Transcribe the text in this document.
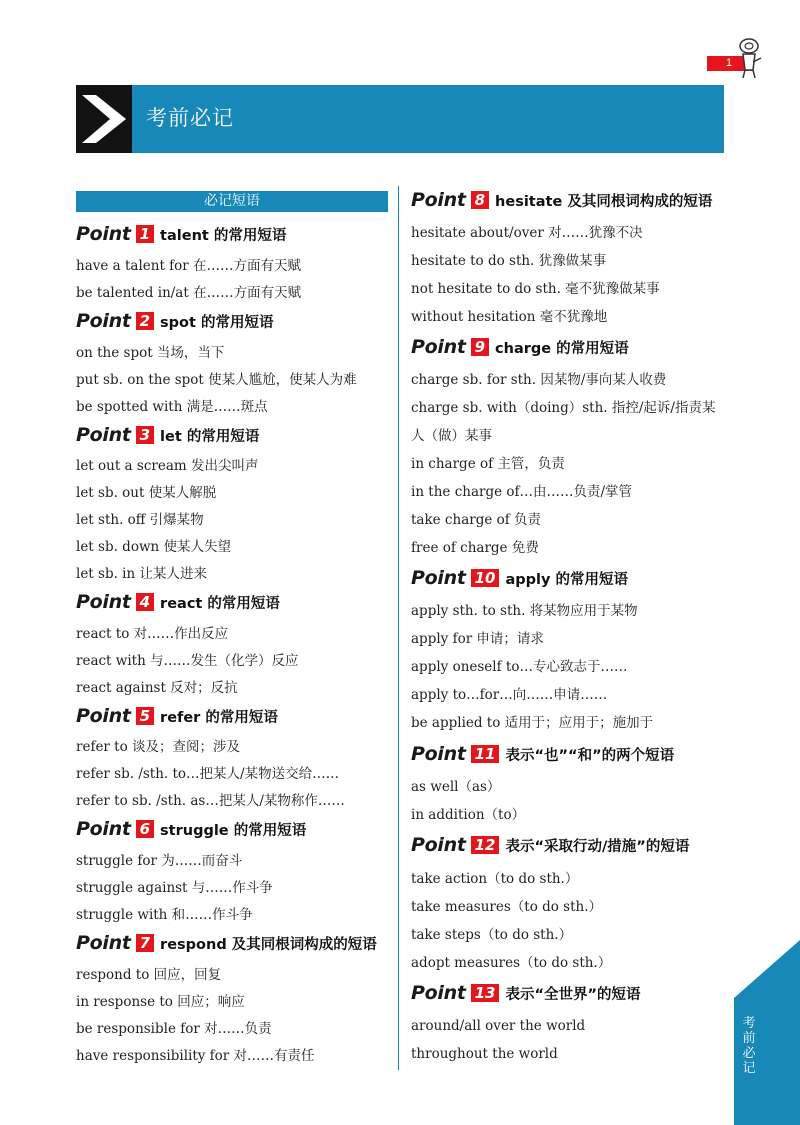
1
考前必记
必记短语
Point 1 talent 的常用短语
have a talent for 在……方面有天赋
be talented in/at 在……方面有天赋
Point 2 spot 的常用短语
on the spot 当场，当下
put sb. on the spot 使某人尴尬，使某人为难
be spotted with 满是……斑点
Point 3 let 的常用短语
let out a scream 发出尖叫声
let sb. out 使某人解脱
let sth. off 引爆某物
let sb. down 使某人失望
let sb. in 让某人进来
Point 4 react 的常用短语
react to 对……作出反应
react with 与……发生（化学）反应
react against 反对；反抗
Point 5 refer 的常用短语
refer to 谈及；查阅；涉及
refer sb. /sth. to…把某人/某物送交给……
refer to sb. /sth. as…把某人/某物称作……
Point 6 struggle 的常用短语
struggle for 为……而奋斗
struggle against 与……作斗争
struggle with 和……作斗争
Point 7 respond 及其同根词构成的短语
respond to 回应，回复
in response to 回应；响应
be responsible for 对……负责
have responsibility for 对……有责任
Point 8 hesitate 及其同根词构成的短语
hesitate about/over 对……犹豫不决
hesitate to do sth. 犹豫做某事
not hesitate to do sth. 毫不犹豫做某事
without hesitation 毫不犹豫地
Point 9 charge 的常用短语
charge sb. for sth. 因某物/事向某人收费
charge sb. with（doing）sth. 指控/起诉/指责某
人（做）某事
in charge of 主管，负责
in the charge of…由……负责/掌管
take charge of 负责
free of charge 免费
Point 10 apply 的常用短语
apply sth. to sth. 将某物应用于某物
apply for 申请；请求
apply oneself to…专心致志于……
apply to…for…向……申请……
be applied to 适用于；应用于；施加于
Point 11 表示“也”“和”的两个短语
as well（as）
in addition（to）
Point 12 表示“采取行动/措施”的短语
take action（to do sth.）
take measures（to do sth.）
take steps（to do sth.）
adopt measures（to do sth.）
Point 13 表示“全世界”的短语
around/all over the world
throughout the world
考前必记
